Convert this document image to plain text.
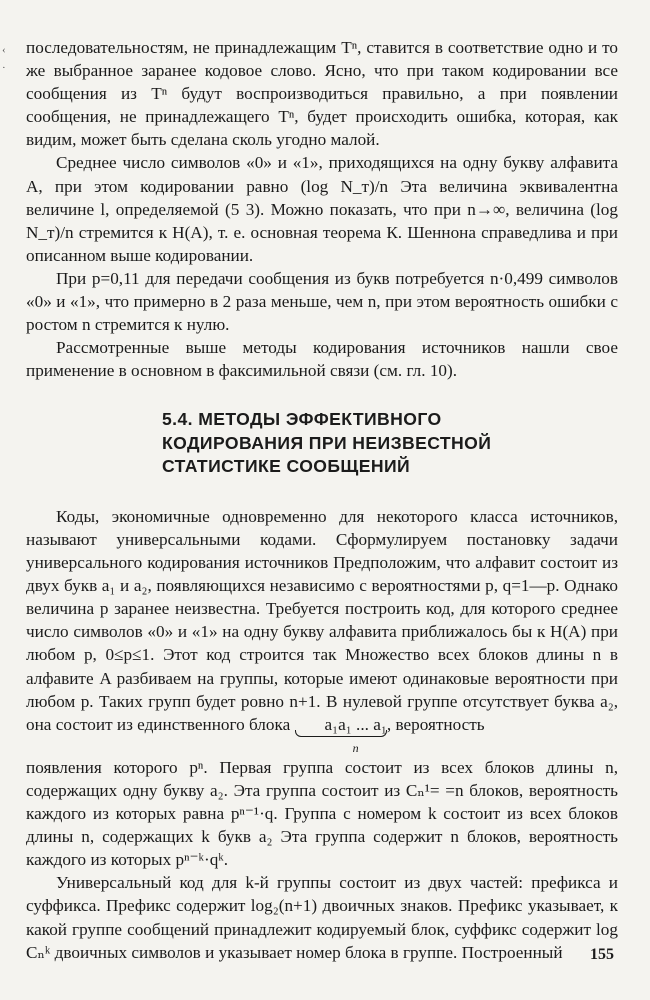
‹
·

последовательностям, не принадлежащим Tⁿ, ставится в соответствие одно и то же выбранное заранее кодовое слово. Ясно, что при таком кодировании все сообщения из Tⁿ будут воспроизводиться правильно, а при появлении сообщения, не принадлежащего Tⁿ, будет происходить ошибка, которая, как видим, может быть сделана сколь угодно малой.

Среднее число символов «0» и «1», приходящихся на одну букву алфавита A, при этом кодировании равно (log N_т)/n Эта величина эквивалентна величине l, определяемой (5 3). Можно показать, что при n→∞, величина (log N_т)/n стремится к H(A), т. е. основная теорема К. Шеннона справедлива и при описанном выше кодировании.

При p=0,11 для передачи сообщения из букв потребуется n·0,499 символов «0» и «1», что примерно в 2 раза меньше, чем n, при этом вероятность ошибки с ростом n стремится к нулю.

Рассмотренные выше методы кодирования источников нашли свое применение в основном в факсимильной связи (см. гл. 10).

5.4. МЕТОДЫ ЭФФЕКТИВНОГО
КОДИРОВАНИЯ ПРИ НЕИЗВЕСТНОЙ
СТАТИСТИКЕ СООБЩЕНИЙ

Коды, экономичные одновременно для некоторого класса источников, называют универсальными кодами. Сформулируем постановку задачи универсального кодирования источников Предположим, что алфавит состоит из двух букв a₁ и a₂, появляющихся независимо с вероятностями p, q=1—p. Однако величина p заранее неизвестна. Требуется построить код, для которого среднее число символов «0» и «1» на одну букву алфавита приближалось бы к H(A) при любом p, 0≤p≤1. Этот код строится так Множество всех блоков длины n в алфавите A разбиваем на группы, которые имеют одинаковые вероятности при любом p. Таких групп будет ровно n+1. В нулевой группе отсутствует буква a₂, она состоит из единственного блока a₁a₁ ... a₁
n
, вероятность

появления которого pⁿ. Первая группа состоит из всех блоков длины n, содержащих одну букву a₂. Эта группа состоит из Cₙ¹= =n блоков, вероятность каждого из которых равна pⁿ⁻¹·q. Группа с номером k состоит из всех блоков длины n, содержащих k букв a₂ Эта группа содержит n блоков, вероятность каждого из которых pⁿ⁻ᵏ·qᵏ.

Универсальный код для k-й группы состоит из двух частей: префикса и суффикса. Префикс содержит log₂(n+1) двоичных знаков. Префикс указывает, к какой группе сообщений принадлежит кодируемый блок, суффикс содержит log Cₙᵏ двоичных символов и указывает номер блока в группе. Построенный	155
